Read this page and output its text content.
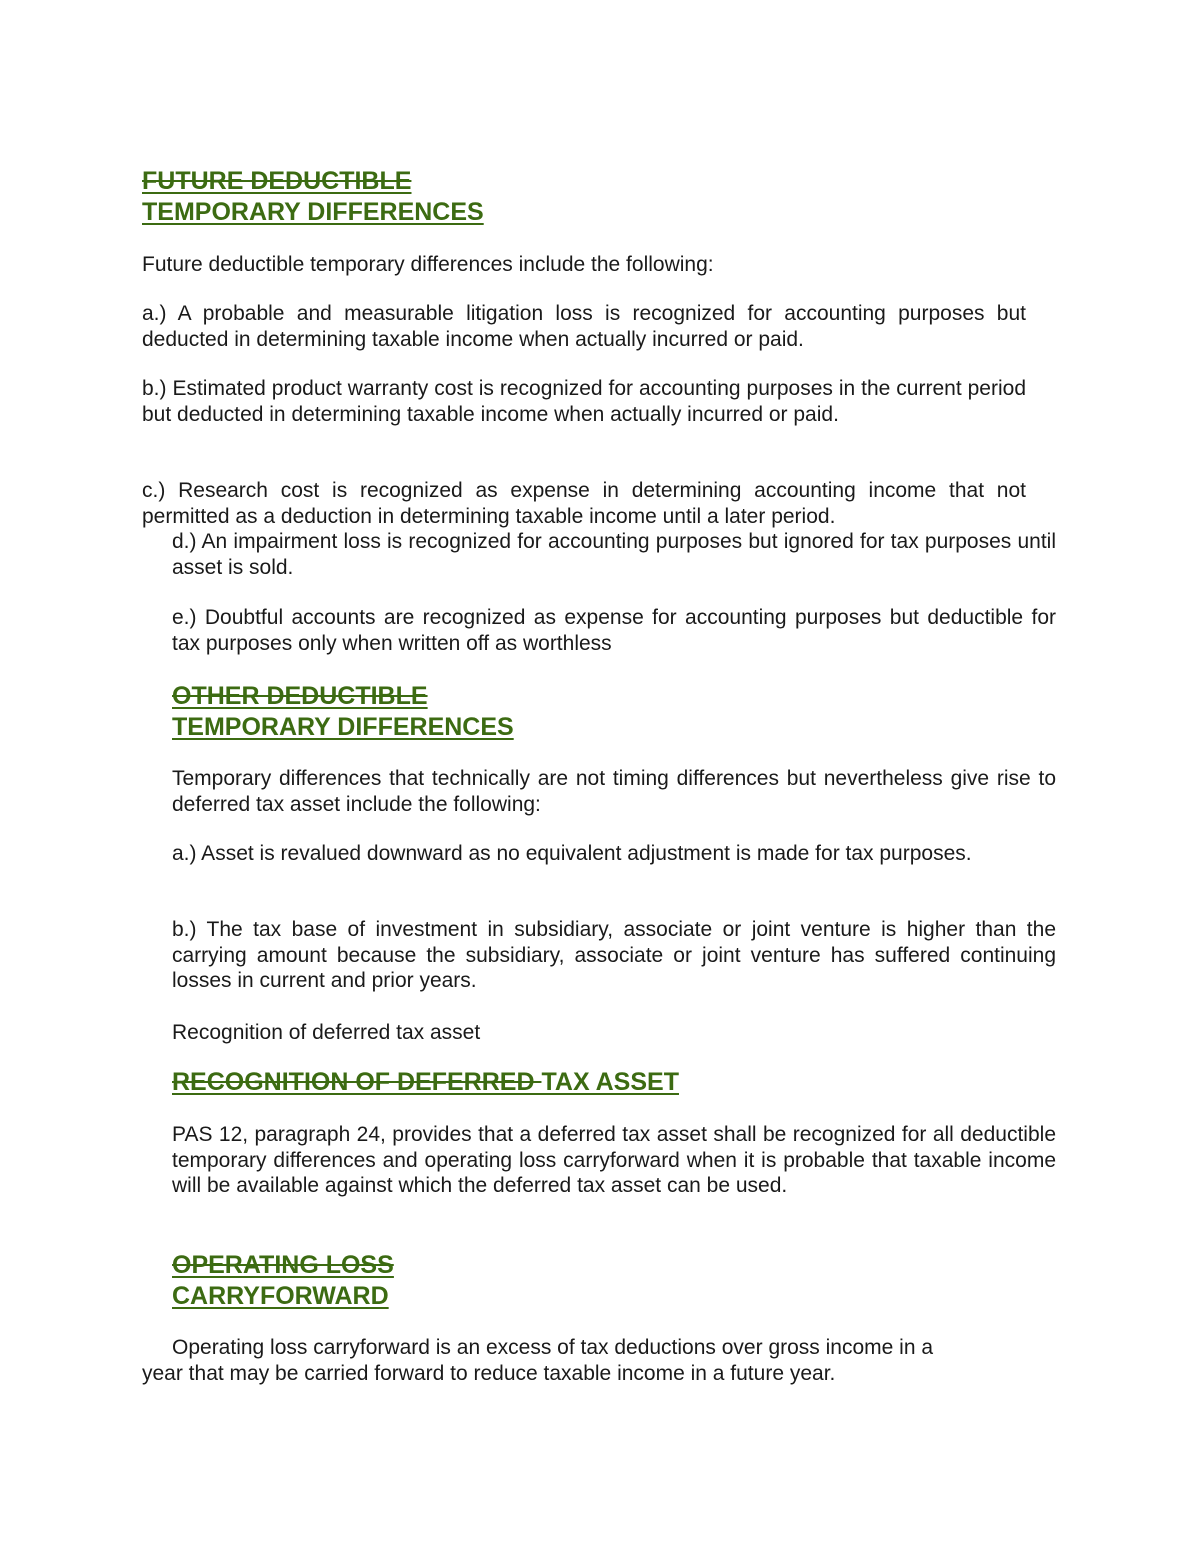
FUTURE DEDUCTIBLE
TEMPORARY DIFFERENCES

Future deductible temporary differences include the following:

a.) A probable and measurable litigation loss is recognized for accounting purposes but deducted in determining taxable income when actually incurred or paid.

b.) Estimated product warranty cost is recognized for accounting purposes in the current period but deducted in determining taxable income when actually incurred or paid.

c.) Research cost is recognized as expense in determining accounting income that not permitted as a deduction in determining taxable income until a later period.

d.) An impairment loss is recognized for accounting purposes but ignored for tax purposes until asset is sold.

e.) Doubtful accounts are recognized as expense for accounting purposes but deductible for tax purposes only when written off as worthless

OTHER DEDUCTIBLE
TEMPORARY DIFFERENCES

Temporary differences that technically are not timing differences but nevertheless give rise to deferred tax asset include the following:

a.) Asset is revalued downward as no equivalent adjustment is made for tax purposes.

b.) The tax base of investment in subsidiary, associate or joint venture is higher than the carrying amount because the subsidiary, associate or joint venture has suffered continuing losses in current and prior years.

Recognition of deferred tax asset

RECOGNITION OF DEFERRED TAX ASSET

PAS 12, paragraph 24, provides that a deferred tax asset shall be recognized for all deductible temporary differences and operating loss carryforward when it is probable that taxable income will be available against which the deferred tax asset can be used.

OPERATING LOSS
CARRYFORWARD
Operating loss carryforward is an excess of tax deductions over gross income in a
year that may be carried forward to reduce taxable income in a future year.
